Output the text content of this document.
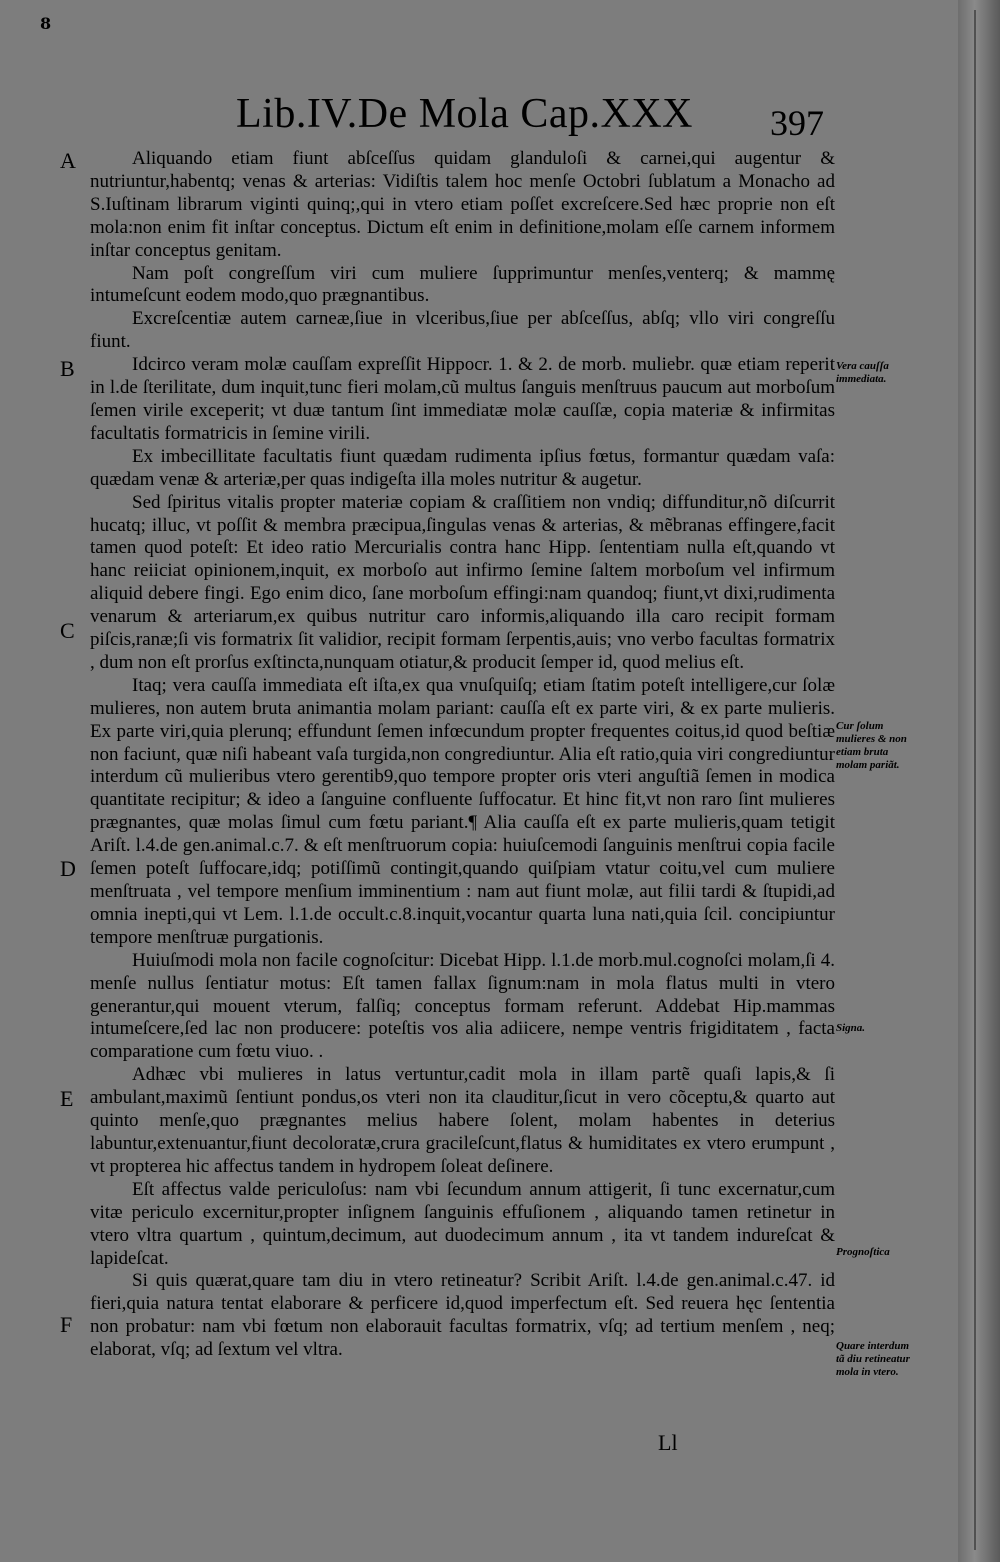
8
Lib.IV.De Mola Cap.XXX 397
A
B
C
D
E
F

Aliquando etiam fiunt abſceſſus quidam glanduloſi & carnei,qui augentur & nutriuntur,habentq; venas & arterias: Vidiſtis talem hoc menſe Octobri ſublatum a Monacho ad S.Iuſtinam librarum viginti quinq;,qui in vtero etiam poſſet excreſcere.Sed hæc proprie non eſt mola:non enim fit inſtar conceptus. Dictum eſt enim in definitione,molam eſſe carnem informem inſtar conceptus genitam.

Nam poſt congreſſum viri cum muliere ſupprimuntur menſes,venterq; & mammę intumeſcunt eodem modo,quo prægnantibus.

Excreſcentiæ autem carneæ,ſiue in vlceribus,ſiue per abſceſſus, abſq; vllo viri congreſſu fiunt.

Idcirco veram molæ cauſſam expreſſit Hippocr. 1. & 2. de morb. muliebr. quæ etiam reperit in l.de ſterilitate, dum inquit,tunc fieri molam,cũ multus ſanguis menſtruus paucum aut morboſum ſemen virile exceperit; vt duæ tantum ſint immediatæ molæ cauſſæ, copia materiæ & infirmitas facultatis formatricis in ſemine virili.

Ex imbecillitate facultatis fiunt quædam rudimenta ipſius fœtus, formantur quædam vaſa: quædam venæ & arteriæ,per quas indigeſta illa moles nutritur & augetur.

Sed ſpiritus vitalis propter materiæ copiam & craſſitiem non vndiq; diffunditur,nõ diſcurrit hucatq; illuc, vt poſſit & membra præcipua,ſingulas venas & arterias, & mẽbranas effingere,facit tamen quod poteſt: Et ideo ratio Mercurialis contra hanc Hipp. ſententiam nulla eſt,quando vt hanc reiiciat opinionem,inquit, ex morboſo aut infirmo ſemine ſaltem morboſum vel infirmum aliquid debere fingi. Ego enim dico, ſane morboſum effingi:nam quandoq; fiunt,vt dixi,rudimenta venarum & arteriarum,ex quibus nutritur caro informis,aliquando illa caro recipit formam piſcis,ranæ;ſi vis formatrix ſit validior, recipit formam ſerpentis,auis; vno verbo facultas formatrix , dum non eſt prorſus exſtincta,nunquam otiatur,& producit ſemper id, quod melius eſt.

Itaq; vera cauſſa immediata eſt iſta,ex qua vnuſquiſq; etiam ſtatim poteſt intelligere,cur ſolæ mulieres, non autem bruta animantia molam pariant: cauſſa eſt ex parte viri, & ex parte mulieris. Ex parte viri,quia plerunq; effundunt ſemen infœcundum propter frequentes coitus,id quod beſtiæ non faciunt, quæ niſi habeant vaſa turgida,non congrediuntur. Alia eſt ratio,quia viri congrediuntur interdum cũ mulieribus vtero gerentib9,quo tempore propter oris vteri anguſtiã ſemen in modica quantitate recipitur; & ideo a ſanguine confluente ſuffocatur. Et hinc fit,vt non raro ſint mulieres prægnantes, quæ molas ſimul cum fœtu pariant.¶ Alia cauſſa eſt ex parte mulieris,quam tetigit Ariſt. l.4.de gen.animal.c.7. & eſt menſtruorum copia: huiuſcemodi ſanguinis menſtrui copia facile ſemen poteſt ſuffocare,idq; potiſſimũ contingit,quando quiſpiam vtatur coitu,vel cum muliere menſtruata , vel tempore menſium imminentium : nam aut fiunt molæ, aut filii tardi & ſtupidi,ad omnia inepti,qui vt Lem. l.1.de occult.c.8.inquit,vocantur quarta luna nati,quia ſcil. concipiuntur tempore menſtruæ purgationis.

Huiuſmodi mola non facile cognoſcitur: Dicebat Hipp. l.1.de morb.mul.cognoſci molam,ſi 4. menſe nullus ſentiatur motus: Eſt tamen fallax ſignum:nam in mola flatus multi in vtero generantur,qui mouent vterum, falſiq; conceptus formam referunt. Addebat Hip.mammas intumeſcere,ſed lac non producere: poteſtis vos alia adiicere, nempe ventris frigiditatem , facta comparatione cum fœtu viuo. .

Adhæc vbi mulieres in latus vertuntur,cadit mola in illam partẽ quaſi lapis,& ſi ambulant,maximũ ſentiunt pondus,os vteri non ita clauditur,ſicut in vero cõceptu,& quarto aut quinto menſe,quo prægnantes melius habere ſolent, molam habentes in deterius labuntur,extenuantur,fiunt decoloratæ,crura gracileſcunt,flatus & humiditates ex vtero erumpunt , vt propterea hic affectus tandem in hydropem ſoleat deſinere.

Eſt affectus valde periculoſus: nam vbi ſecundum annum attigerit, ſi tunc excernatur,cum vitæ periculo excernitur,propter inſignem ſanguinis effuſionem , aliquando tamen retinetur in vtero vltra quartum , quintum,decimum, aut duodecimum annum , ita vt tandem indureſcat & lapideſcat.

Si quis quærat,quare tam diu in vtero retineatur? Scribit Ariſt. l.4.de gen.animal.c.47. id fieri,quia natura tentat elaborare & perficere id,quod imperfectum eſt. Sed reuera hęc ſententia non probatur: nam vbi fœtum non elaborauit facultas formatrix, vſq; ad tertium menſem , neq; elaborat, vſq; ad ſextum vel vltra.

Vera cauſſa immediata.
Cur ſolum mulieres & non etiam bruta molam pariãt.
Signa.
Prognoſtica
Quare interdum tã diu retineatur mola in vtero.
Ll
